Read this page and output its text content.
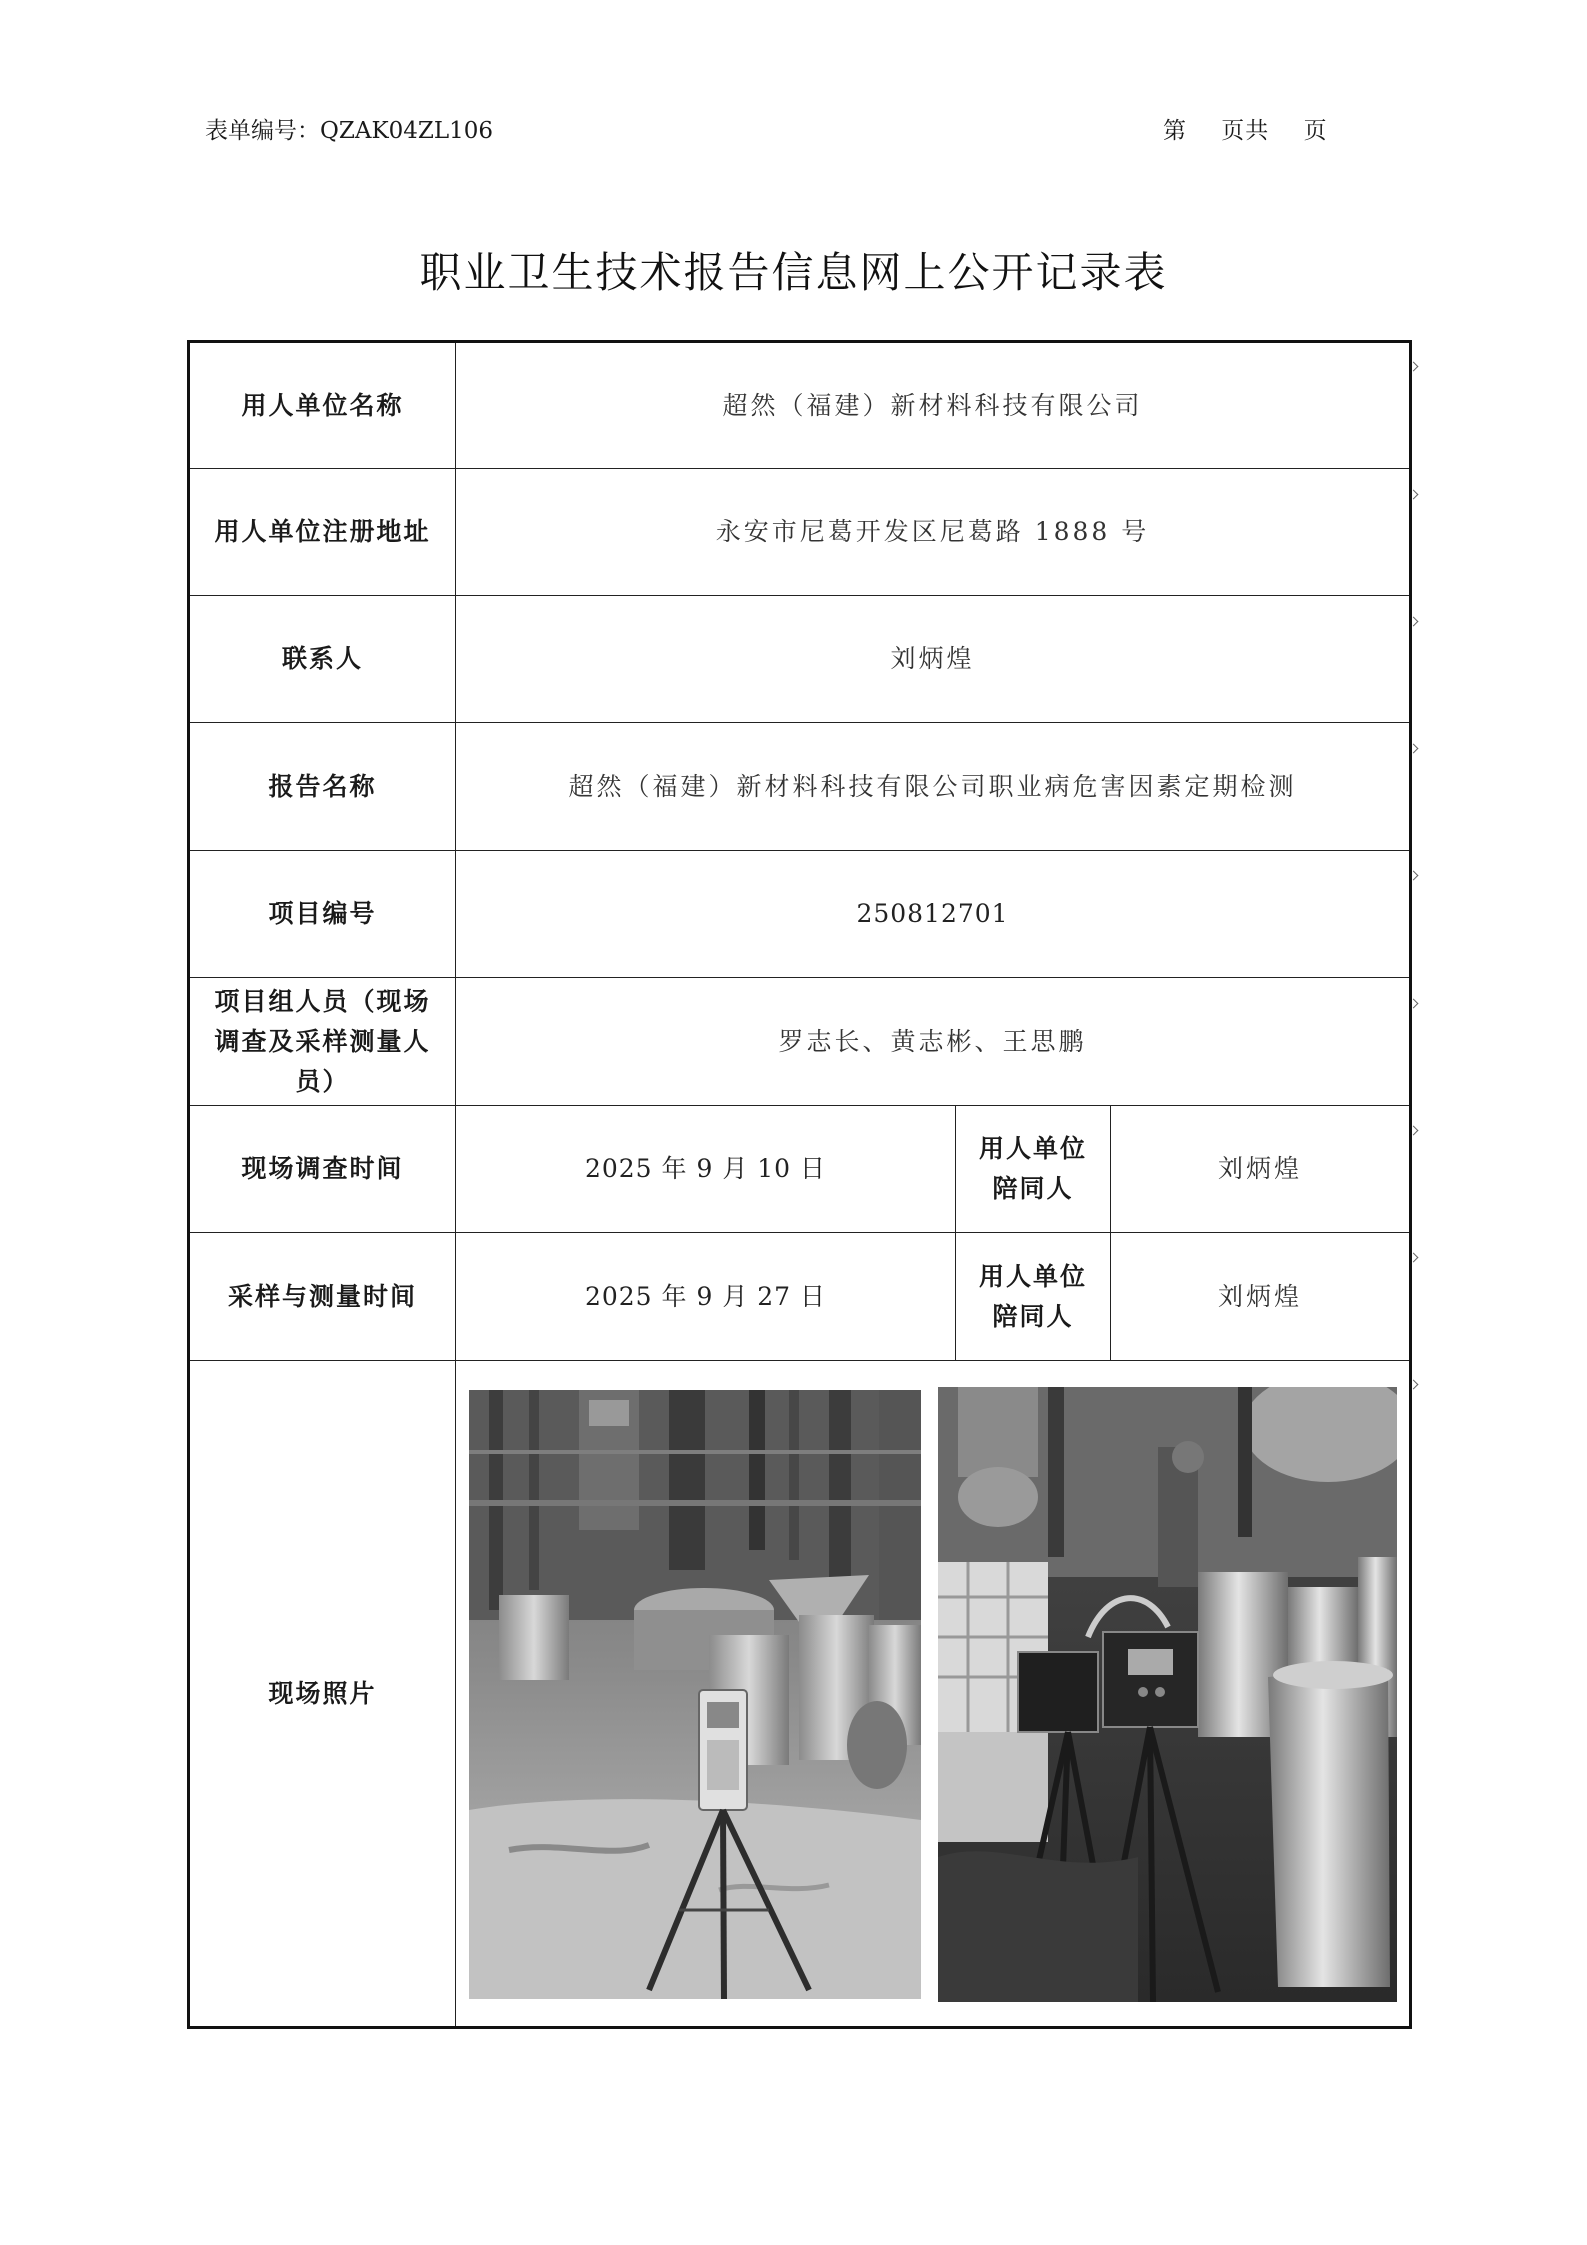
表单编号：QZAK04ZL106	第 页共 页
职业卫生技术报告信息网上公开记录表
用人单位名称	超然（福建）新材料科技有限公司		
用人单位注册地址	永安市尼葛开发区尼葛路 1888 号		
联系人	刘炳煌		
报告名称	超然（福建）新材料科技有限公司职业病危害因素定期检测		
项目编号	250812701		
项目组人员（现场调查及采样测量人员）	罗志长、黄志彬、王思鹏		
现场调查时间	2025 年 9 月 10 日	用人单位陪同人	刘炳煌
采样与测量时间	2025 年 9 月 27 日	用人单位陪同人	刘炳煌
现场照片	
